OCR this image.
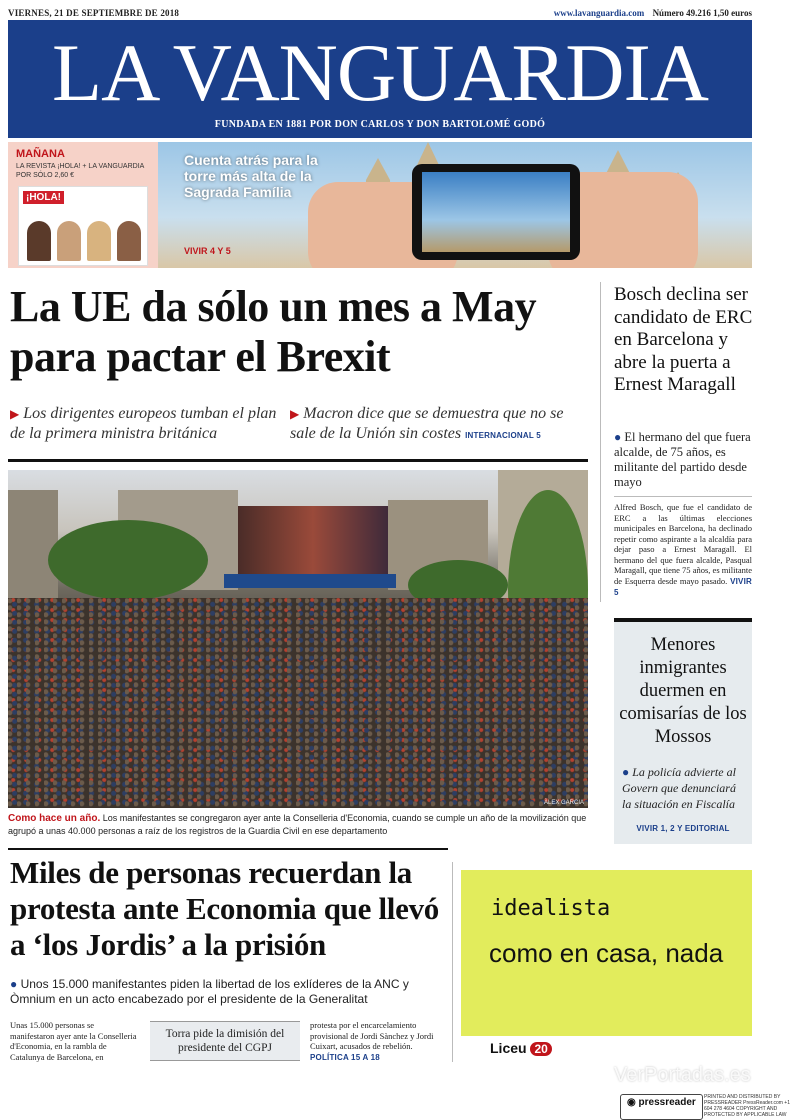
VIERNES, 21 DE SEPTIEMBRE DE 2018	www.lavanguardia.com Número 49.216 1,50 euros
LA VANGUARDIA
FUNDADA EN 1881 POR DON CARLOS Y DON BARTOLOMÉ GODÓ
MAÑANA
LA REVISTA ¡HOLA! + LA VANGUARDIA POR SÓLO 2,60 €
¡HOLA!
Cuenta atrás para la torre más alta de la Sagrada Família
VIVIR 4 Y 5
La UE da sólo un mes a May para pactar el Brexit
▶ Los dirigentes europeos tumban el plan de la primera ministra británica
▶ Macron dice que se demuestra que no se sale de la Unión sin costes INTERNACIONAL 5
ÀLEX GARCIA
Como hace un año. Los manifestantes se congregaron ayer ante la Conselleria d'Economia, cuando se cumple un año de la movilización que agrupó a unas 40.000 personas a raíz de los registros de la Guardia Civil en ese departamento
Miles de personas recuerdan la protesta ante Economia que llevó a ‘los Jordis’ a la prisión
● Unos 15.000 manifestantes piden la libertad de los exlíderes de la ANC y Òmnium en un acto encabezado por el presidente de la Generalitat
Unas 15.000 personas se manifestaron ayer ante la Conselleria d'Economia, en la rambla de Catalunya de Barcelona, en
Torra pide la dimisión del presidente del CGPJ
protesta por el encarcelamiento provisional de Jordi Sànchez y Jordi Cuixart, acusados de rebelión. POLÍTICA 15 A 18
Bosch declina ser candidato de ERC en Barcelona y abre la puerta a Ernest Maragall
● El hermano del que fuera alcalde, de 75 años, es militante del partido desde mayo
Alfred Bosch, que fue el candidato de ERC a las últimas elecciones municipales en Barcelona, ha declinado repetir como aspirante a la alcaldía para dejar paso a Ernest Maragall. El hermano del que fuera alcalde, Pasqual Maragall, que tiene 75 años, es militante de Esquerra desde mayo pasado. VIVIR 5
Menores inmigrantes duermen en comisarías de los Mossos
● La policía advierte al Govern que denunciará la situación en Fiscalía
VIVIR 1, 2 Y EDITORIAL
idealista
como en casa, nada
Liceu 20
VerPortadas.es
◉ pressreader	PRINTED AND DISTRIBUTED BY PRESSREADER PressReader.com +1 604 278 4604 COPYRIGHT AND PROTECTED BY APPLICABLE LAW
